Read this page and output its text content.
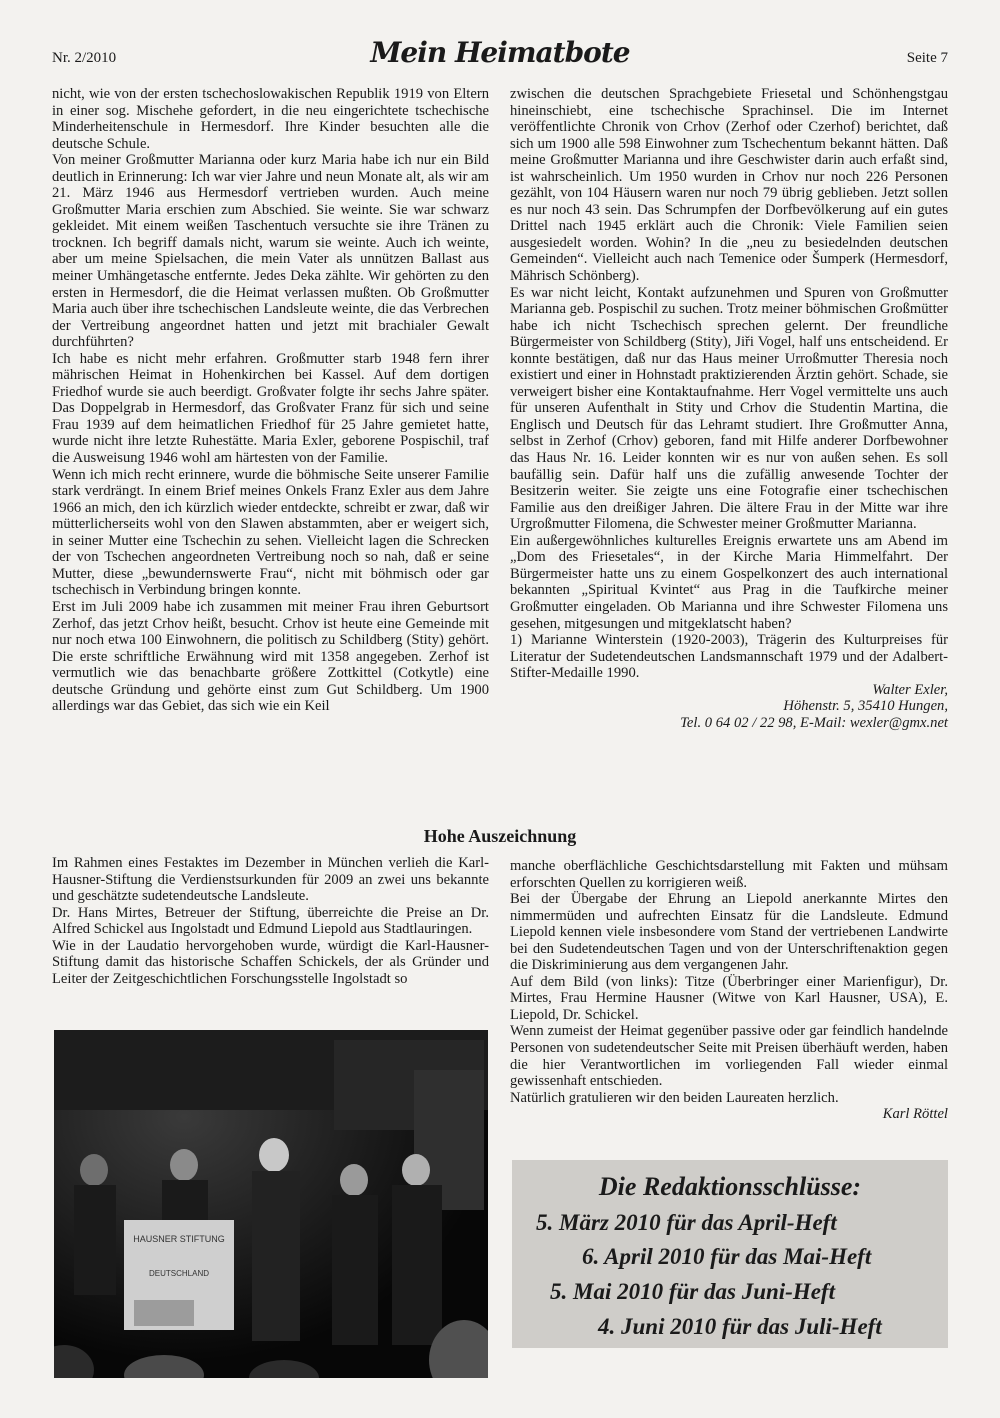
Nr. 2/2010	Mein Heimatbote	Seite 7

nicht, wie von der ersten tschechoslowakischen Republik 1919 von Eltern in einer sog. Mischehe gefordert, in die neu eingerichtete tschechische Minderheitenschule in Hermesdorf. Ihre Kinder besuchten alle die deutsche Schule.

Von meiner Großmutter Marianna oder kurz Maria habe ich nur ein Bild deutlich in Erinnerung: Ich war vier Jahre und neun Monate alt, als wir am 21. März 1946 aus Hermesdorf vertrieben wurden. Auch meine Großmutter Maria erschien zum Abschied. Sie weinte. Sie war schwarz gekleidet. Mit einem weißen Taschentuch versuchte sie ihre Tränen zu trocknen. Ich begriff damals nicht, warum sie weinte. Auch ich weinte, aber um meine Spielsachen, die mein Vater als unnützen Ballast aus meiner Umhängetasche entfernte. Jedes Deka zählte. Wir gehörten zu den ersten in Hermesdorf, die die Heimat verlassen mußten. Ob Großmutter Maria auch über ihre tschechischen Landsleute weinte, die das Verbrechen der Vertreibung angeordnet hatten und jetzt mit brachialer Gewalt durchführten?

Ich habe es nicht mehr erfahren. Großmutter starb 1948 fern ihrer mährischen Heimat in Hohenkirchen bei Kassel. Auf dem dortigen Friedhof wurde sie auch beerdigt. Großvater folgte ihr sechs Jahre später. Das Doppelgrab in Hermesdorf, das Großvater Franz für sich und seine Frau 1939 auf dem heimatlichen Friedhof für 25 Jahre gemietet hatte, wurde nicht ihre letzte Ruhestätte. Maria Exler, geborene Pospischil, traf die Ausweisung 1946 wohl am härtesten von der Familie.

Wenn ich mich recht erinnere, wurde die böhmische Seite unserer Familie stark verdrängt. In einem Brief meines Onkels Franz Exler aus dem Jahre 1966 an mich, den ich kürzlich wieder entdeckte, schreibt er zwar, daß wir mütterlicherseits wohl von den Slawen abstammten, aber er weigert sich, in seiner Mutter eine Tschechin zu sehen. Vielleicht lagen die Schrecken der von Tschechen angeordneten Vertreibung noch so nah, daß er seine Mutter, diese „bewundernswerte Frau“, nicht mit böhmisch oder gar tschechisch in Verbindung bringen konnte.

Erst im Juli 2009 habe ich zusammen mit meiner Frau ihren Geburtsort Zerhof, das jetzt Crhov heißt, besucht. Crhov ist heute eine Gemeinde mit nur noch etwa 100 Einwohnern, die politisch zu Schildberg (Stity) gehört. Die erste schriftliche Erwähnung wird mit 1358 angegeben. Zerhof ist vermutlich wie das benachbarte größere Zottkittel (Cotkytle) eine deutsche Gründung und gehörte einst zum Gut Schildberg. Um 1900 allerdings war das Gebiet, das sich wie ein Keil

zwischen die deutschen Sprachgebiete Friesetal und Schönhengstgau hineinschiebt, eine tschechische Sprachinsel. Die im Internet veröffentlichte Chronik von Crhov (Zerhof oder Czerhof) berichtet, daß sich um 1900 alle 598 Einwohner zum Tschechentum bekannt hätten. Daß meine Großmutter Marianna und ihre Geschwister darin auch erfaßt sind, ist wahrscheinlich. Um 1950 wurden in Crhov nur noch 226 Personen gezählt, von 104 Häusern waren nur noch 79 übrig geblieben. Jetzt sollen es nur noch 43 sein. Das Schrumpfen der Dorfbevölkerung auf ein gutes Drittel nach 1945 erklärt auch die Chronik: Viele Familien seien ausgesiedelt worden. Wohin? In die „neu zu besiedelnden deutschen Gemeinden“. Vielleicht auch nach Temenice oder Šumperk (Hermesdorf, Mährisch Schönberg).

Es war nicht leicht, Kontakt aufzunehmen und Spuren von Großmutter Marianna geb. Pospischil zu suchen. Trotz meiner böhmischen Großmütter habe ich nicht Tschechisch sprechen gelernt. Der freundliche Bürgermeister von Schildberg (Stity), Jiři Vogel, half uns entscheidend. Er konnte bestätigen, daß nur das Haus meiner Urroßmutter Theresia noch existiert und einer in Hohnstadt praktizierenden Ärztin gehört. Schade, sie verweigert bisher eine Kontaktaufnahme. Herr Vogel vermittelte uns auch für unseren Aufenthalt in Stity und Crhov die Studentin Martina, die Englisch und Deutsch für das Lehramt studiert. Ihre Großmutter Anna, selbst in Zerhof (Crhov) geboren, fand mit Hilfe anderer Dorfbewohner das Haus Nr. 16. Leider konnten wir es nur von außen sehen. Es soll baufällig sein. Dafür half uns die zufällig anwesende Tochter der Besitzerin weiter. Sie zeigte uns eine Fotografie einer tschechischen Familie aus den dreißiger Jahren. Die ältere Frau in der Mitte war ihre Urgroßmutter Filomena, die Schwester meiner Großmutter Marianna.

Ein außergewöhnliches kulturelles Ereignis erwartete uns am Abend im „Dom des Friesetales“, in der Kirche Maria Himmelfahrt. Der Bürgermeister hatte uns zu einem Gospelkonzert des auch international bekannten „Spiritual Kvintet“ aus Prag in die Taufkirche meiner Großmutter eingeladen. Ob Marianna und ihre Schwester Filomena uns gesehen, mitgesungen und mitgeklatscht haben?

1) Marianne Winterstein (1920-2003), Trägerin des Kulturpreises für Literatur der Sudetendeutschen Landsmannschaft 1979 und der Adalbert-Stifter-Medaille 1990.

Walter Exler,

Höhenstr. 5, 35410 Hungen,

Tel. 0 64 02 / 22 98, E-Mail: wexler@gmx.net

Hohe Auszeichnung

Im Rahmen eines Festaktes im Dezember in München verlieh die Karl-Hausner-Stiftung die Verdienstsurkunden für 2009 an zwei uns bekannte und geschätzte sudetendeutsche Landsleute.

Dr. Hans Mirtes, Betreuer der Stiftung, überreichte die Preise an Dr. Alfred Schickel aus Ingolstadt und Edmund Liepold aus Stadtlauringen.

Wie in der Laudatio hervorgehoben wurde, würdigt die Karl-Hausner-Stiftung damit das historische Schaffen Schickels, der als Gründer und Leiter der Zeitgeschichtlichen Forschungsstelle Ingolstadt so

HAUSNER STIFTUNG
DEUTSCHLAND

manche oberflächliche Geschichtsdarstellung mit Fakten und mühsam erforschten Quellen zu korrigieren weiß.

Bei der Übergabe der Ehrung an Liepold anerkannte Mirtes den nimmermüden und aufrechten Einsatz für die Landsleute. Edmund Liepold kennen viele insbesondere vom Stand der vertriebenen Landwirte bei den Sudetendeutschen Tagen und von der Unterschriftenaktion gegen die Diskriminierung aus dem vergangenen Jahr.

Auf dem Bild (von links): Titze (Überbringer einer Marienfigur), Dr. Mirtes, Frau Hermine Hausner (Witwe von Karl Hausner, USA), E. Liepold, Dr. Schickel.

Wenn zumeist der Heimat gegenüber passive oder gar feindlich handelnde Personen von sudetendeutscher Seite mit Preisen überhäuft werden, haben die hier Verantwortlichen im vorliegenden Fall wieder einmal gewissenhaft entschieden.

Natürlich gratulieren wir den beiden Laureaten herzlich.

Karl Röttel

Die Redaktionsschlüsse:
5. März 2010 für das April-Heft
6. April 2010 für das Mai-Heft
5. Mai 2010 für das Juni-Heft
4. Juni 2010 für das Juli-Heft
